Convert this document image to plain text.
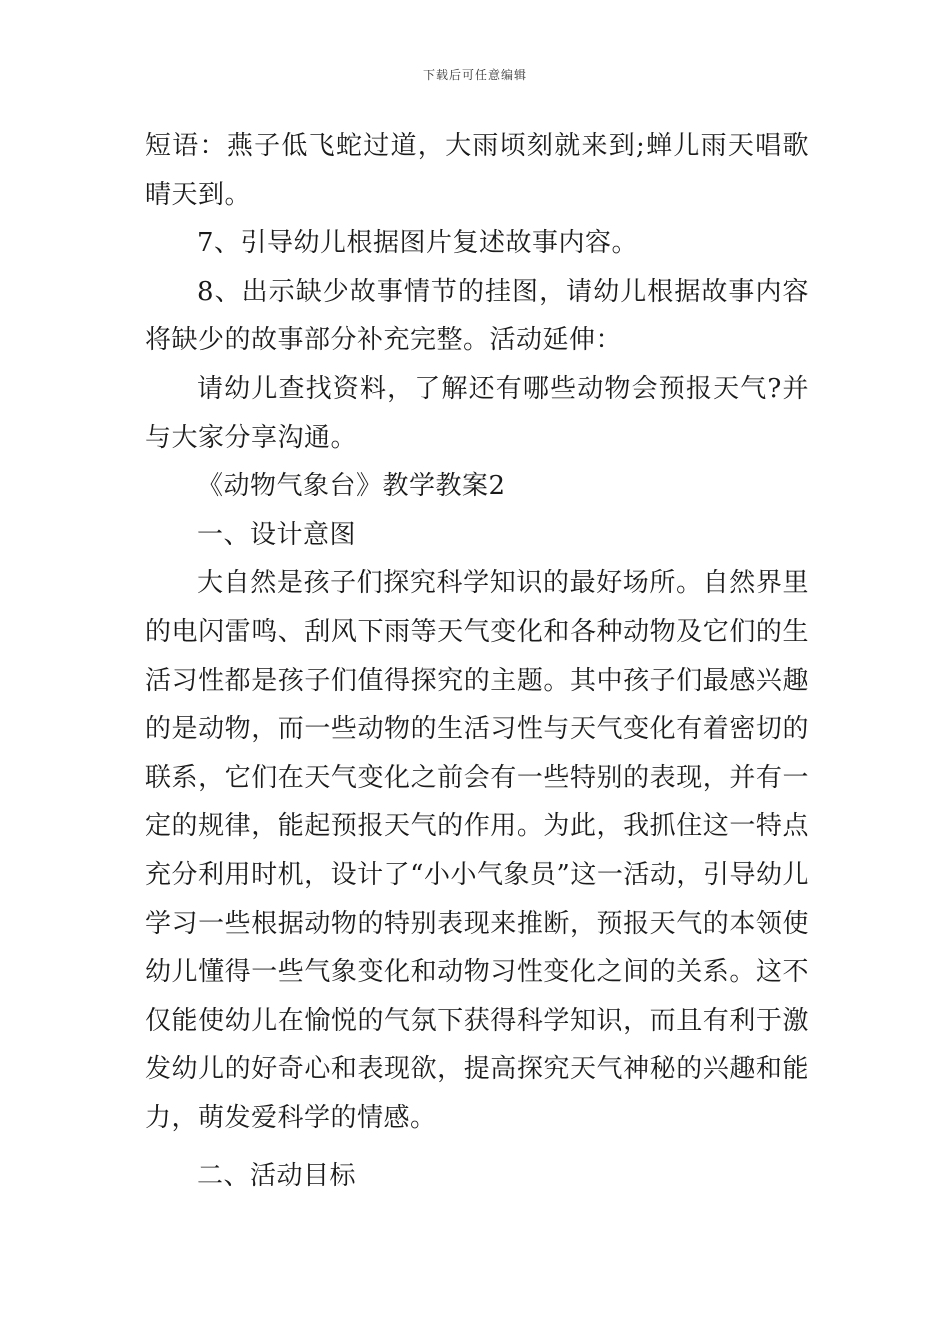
下载后可任意编辑

短语：燕子低飞蛇过道，大雨顷刻就来到;蝉儿雨天唱歌晴天到。

7、引导幼儿根据图片复述故事内容。

8、出示缺少故事情节的挂图，请幼儿根据故事内容将缺少的故事部分补充完整。活动延伸：

请幼儿查找资料，了解还有哪些动物会预报天气?并与大家分享沟通。

《动物气象台》教学教案2

一、设计意图

大自然是孩子们探究科学知识的最好场所。自然界里的电闪雷鸣、刮风下雨等天气变化和各种动物及它们的生活习性都是孩子们值得探究的主题。其中孩子们最感兴趣的是动物，而一些动物的生活习性与天气变化有着密切的联系，它们在天气变化之前会有一些特别的表现，并有一定的规律，能起预报天气的作用。为此，我抓住这一特点充分利用时机，设计了“小小气象员”这一活动，引导幼儿学习一些根据动物的特别表现来推断，预报天气的本领使幼儿懂得一些气象变化和动物习性变化之间的关系。这不仅能使幼儿在愉悦的气氛下获得科学知识，而且有利于激发幼儿的好奇心和表现欲，提高探究天气神秘的兴趣和能力，萌发爱科学的情感。

二、活动目标
